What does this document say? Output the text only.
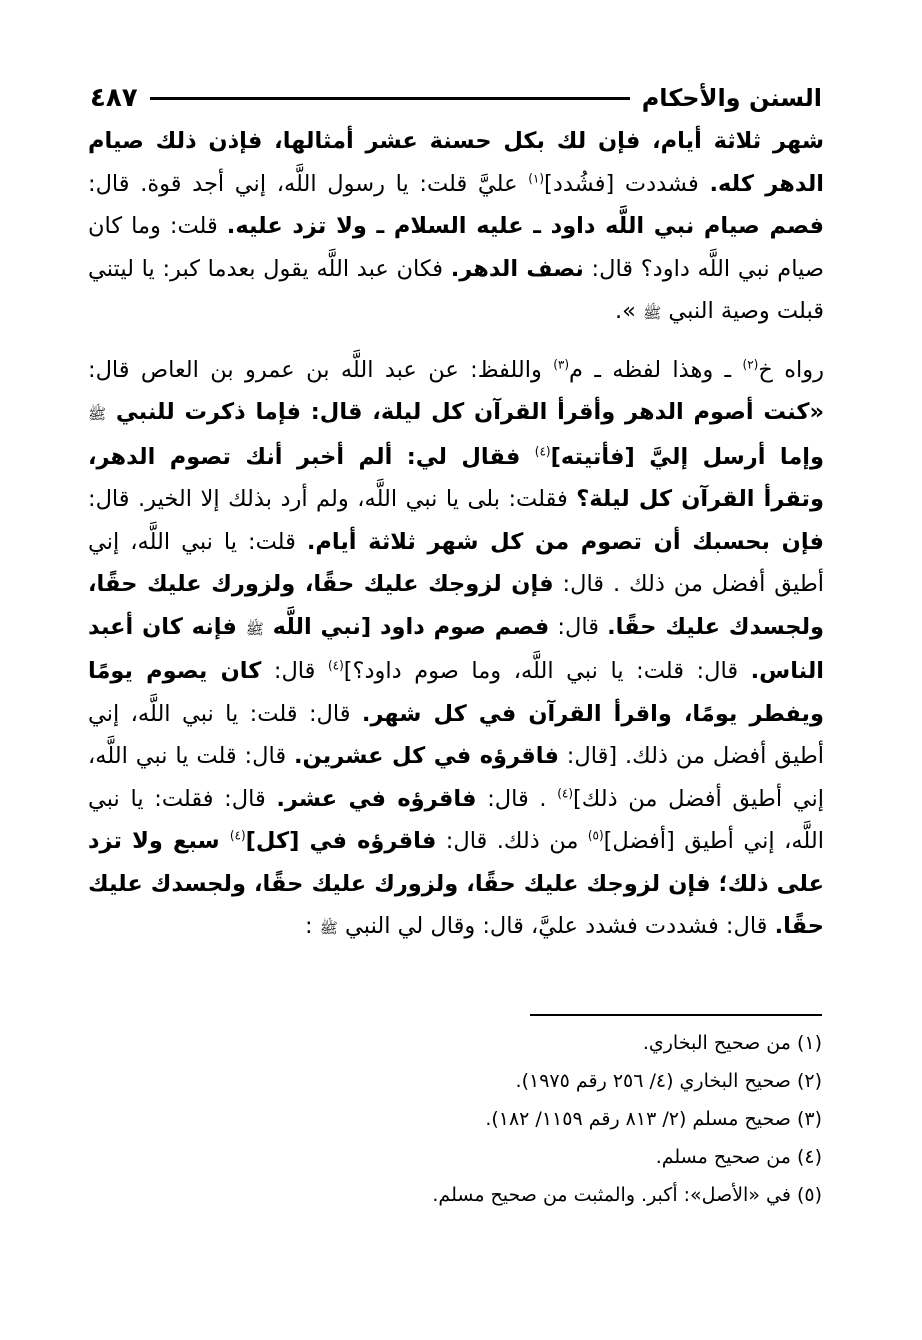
السنن والأحكام
٤٨٧

شهر ثلاثة أيام، فإن لك بكل حسنة عشر أمثالها، فإذن ذلك صيام الدهر كله. فشددت [فشُدد]$^{(١)}$ عليَّ قلت: يا رسول اللَّه، إني أجد قوة. قال: فصم صيام نبي اللَّه داود ـ عليه السلام ـ ولا تزد عليه. قلت: وما كان صيام نبي اللَّه داود؟ قال: نصف الدهر. فكان عبد اللَّه يقول بعدما كبر: يا ليتني قبلت وصية النبي ﷺ ».

رواه خ$^{(٢)}$ ـ وهذا لفظه ـ م$^{(٣)}$ واللفظ: عن عبد اللَّه بن عمرو بن العاص قال: «كنت أصوم الدهر وأقرأ القرآن كل ليلة، قال: فإما ذكرت للنبي ﷺ وإما أرسل إليَّ [فأتيته]$^{(٤)}$ فقال لي: ألم أخبر أنك تصوم الدهر، وتقرأ القرآن كل ليلة؟ فقلت: بلى يا نبي اللَّه، ولم أرد بذلك إلا الخير. قال: فإن بحسبك أن تصوم من كل شهر ثلاثة أيام. قلت: يا نبي اللَّه، إني أطيق أفضل من ذلك . قال: فإن لزوجك عليك حقًا، ولزورك عليك حقًا، ولجسدك عليك حقًا. قال: فصم صوم داود [نبي اللَّه ﷺ فإنه كان أعبد الناس. قال: قلت: يا نبي اللَّه، وما صوم داود؟]$^{(٤)}$ قال: كان يصوم يومًا ويفطر يومًا، واقرأ القرآن في كل شهر. قال: قلت: يا نبي اللَّه، إني أطيق أفضل من ذلك. [قال: فاقرؤه في كل عشرين. قال: قلت يا نبي اللَّه، إني أطيق أفضل من ذلك]$^{(٤)}$ . قال: فاقرؤه في عشر. قال: فقلت: يا نبي اللَّه، إني أطيق [أفضل]$^{(٥)}$ من ذلك. قال: فاقرؤه في [كل]$^{(٤)}$ سبع ولا تزد على ذلك؛ فإن لزوجك عليك حقًا، ولزورك عليك حقًا، ولجسدك عليك حقًا. قال: فشددت فشدد عليَّ، قال: وقال لي النبي ﷺ :

(١) من صحيح البخاري.

(٢) صحيح البخاري (٤/ ٢٥٦ رقم ١٩٧٥).

(٣) صحيح مسلم (٢/ ٨١٣ رقم ١١٥٩/ ١٨٢).

(٤) من صحيح مسلم.

(٥) في «الأصل»: أكبر. والمثبت من صحيح مسلم.
